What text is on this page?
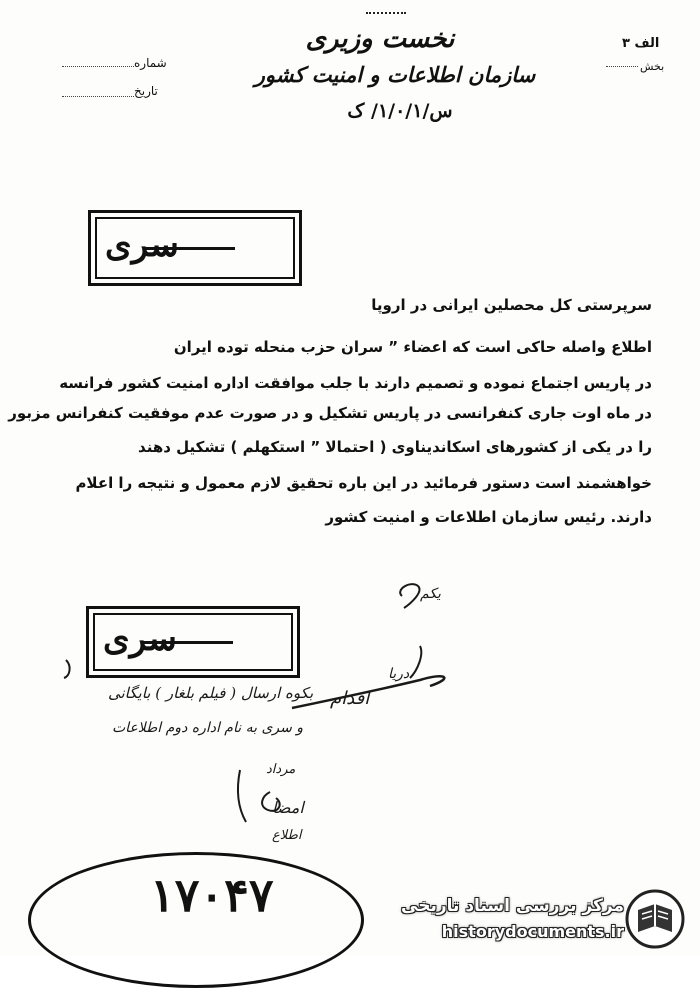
نخست وزیری
سازمان اطلاعات و امنیت کشور
س/۱/۰/۱/ ک
الف ۳
بخش
شماره
تاریخ
سری
سرپرستی کل محصلین ایرانی در اروپا
اطلاع واصله حاکی است که اعضاء ” سران حزب منحله توده ایران
در پاریس اجتماع نموده و تصمیم دارند با جلب موافقت اداره امنیت کشور فرانسه
در ماه اوت جاری کنفرانسی در پاریس تشکیل و در صورت عدم موفقیت کنفرانس مزبور
را در یکی از کشورهای اسکاندیناوی ( احتمالا ” استکهلم ) تشکیل دهند
خواهشمند است دستور فرمائید در این باره تحقیق لازم معمول و نتیجه را اعلام
دارند. رئیس سازمان اطلاعات و امنیت کشور
سری
یکم
بکوه ارسال ( فیلم بلغار ) بایگانی
و سری به نام اداره دوم اطلاعات
اقدام
دریا
مرداد
امضا
اطلاع
۱۷۰۴۷	مرکز بررسی اسناد تاریخی
historydocuments.ir
